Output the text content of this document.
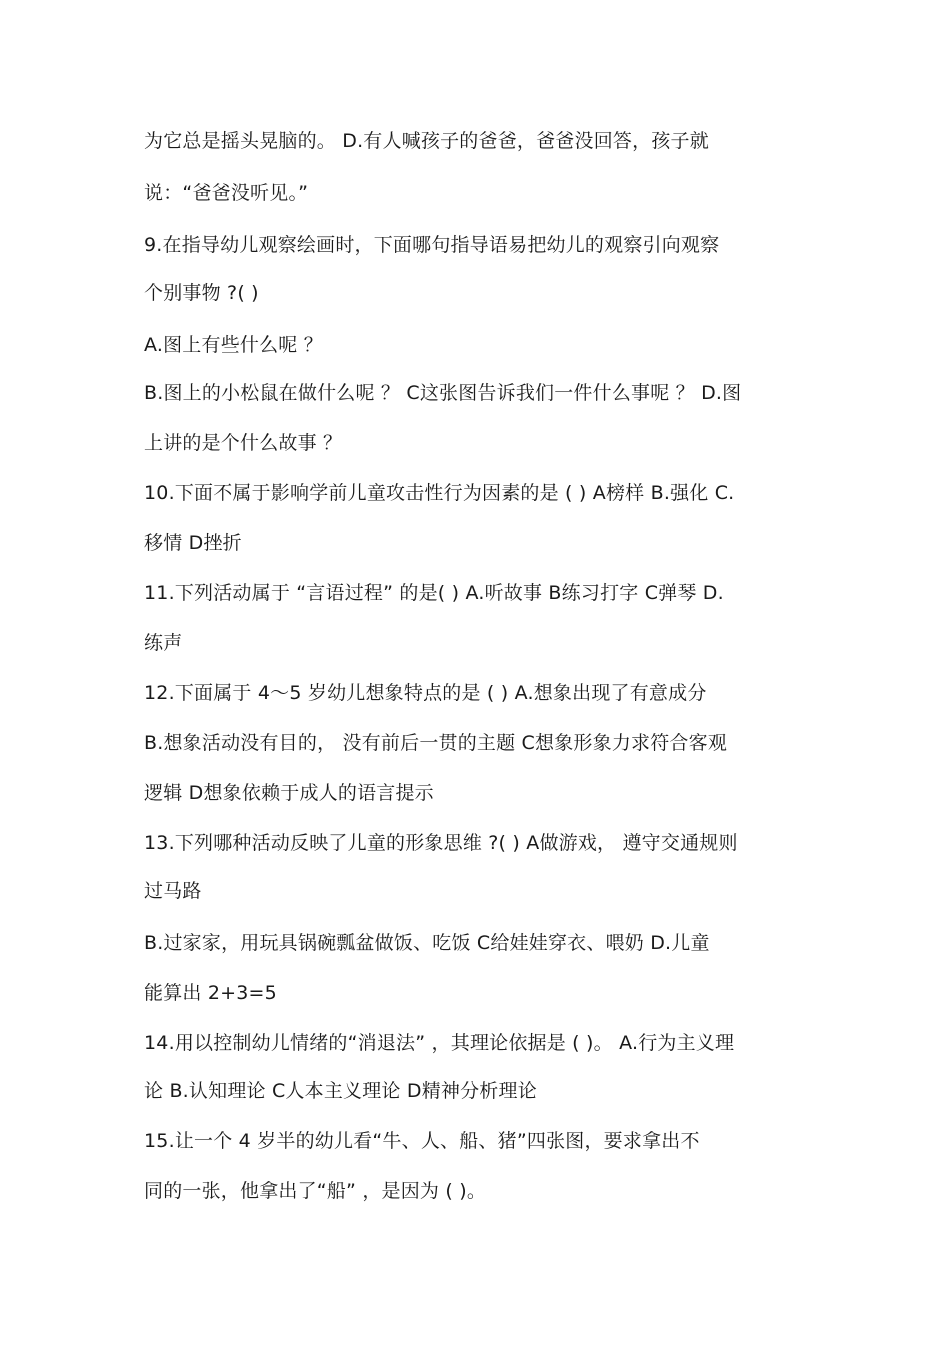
为它总是摇头晃脑的。 D.有人喊孩子的爸爸，爸爸没回答，孩子就
说：“爸爸没听见。”
9.在指导幼儿观察绘画时，下面哪句指导语易把幼儿的观察引向观察
个别事物 ?( )
A.图上有些什么呢 ？
B.图上的小松鼠在做什么呢 ？ C这张图告诉我们一件什么事呢 ？ D.图
上讲的是个什么故事 ？
10.下面不属于影响学前儿童攻击性行为因素的是 ( ) A榜样 B.强化 C.
移情 D挫折
11.下列活动属于 “言语过程” 的是( ) A.听故事 B练习打字 C弹琴 D.
练声
12.下面属于 4～5 岁幼儿想象特点的是 ( ) A.想象出现了有意成分
B.想象活动没有目的， 没有前后一贯的主题 C想象形象力求符合客观
逻辑 D想象依赖于成人的语言提示
13.下列哪种活动反映了儿童的形象思维 ?( ) A做游戏， 遵守交通规则
过马路
B.过家家，用玩具锅碗瓢盆做饭、吃饭 C给娃娃穿衣、喂奶 D.儿童
能算出 2+3=5
14.用以控制幼儿情绪的“消退法” ，其理论依据是 ( )。 A.行为主义理
论 B.认知理论 C人本主义理论 D精神分析理论
15.让一个 4 岁半的幼儿看“牛、人、船、猪”四张图，要求拿出不
同的一张，他拿出了“船” ，是因为 ( )。
